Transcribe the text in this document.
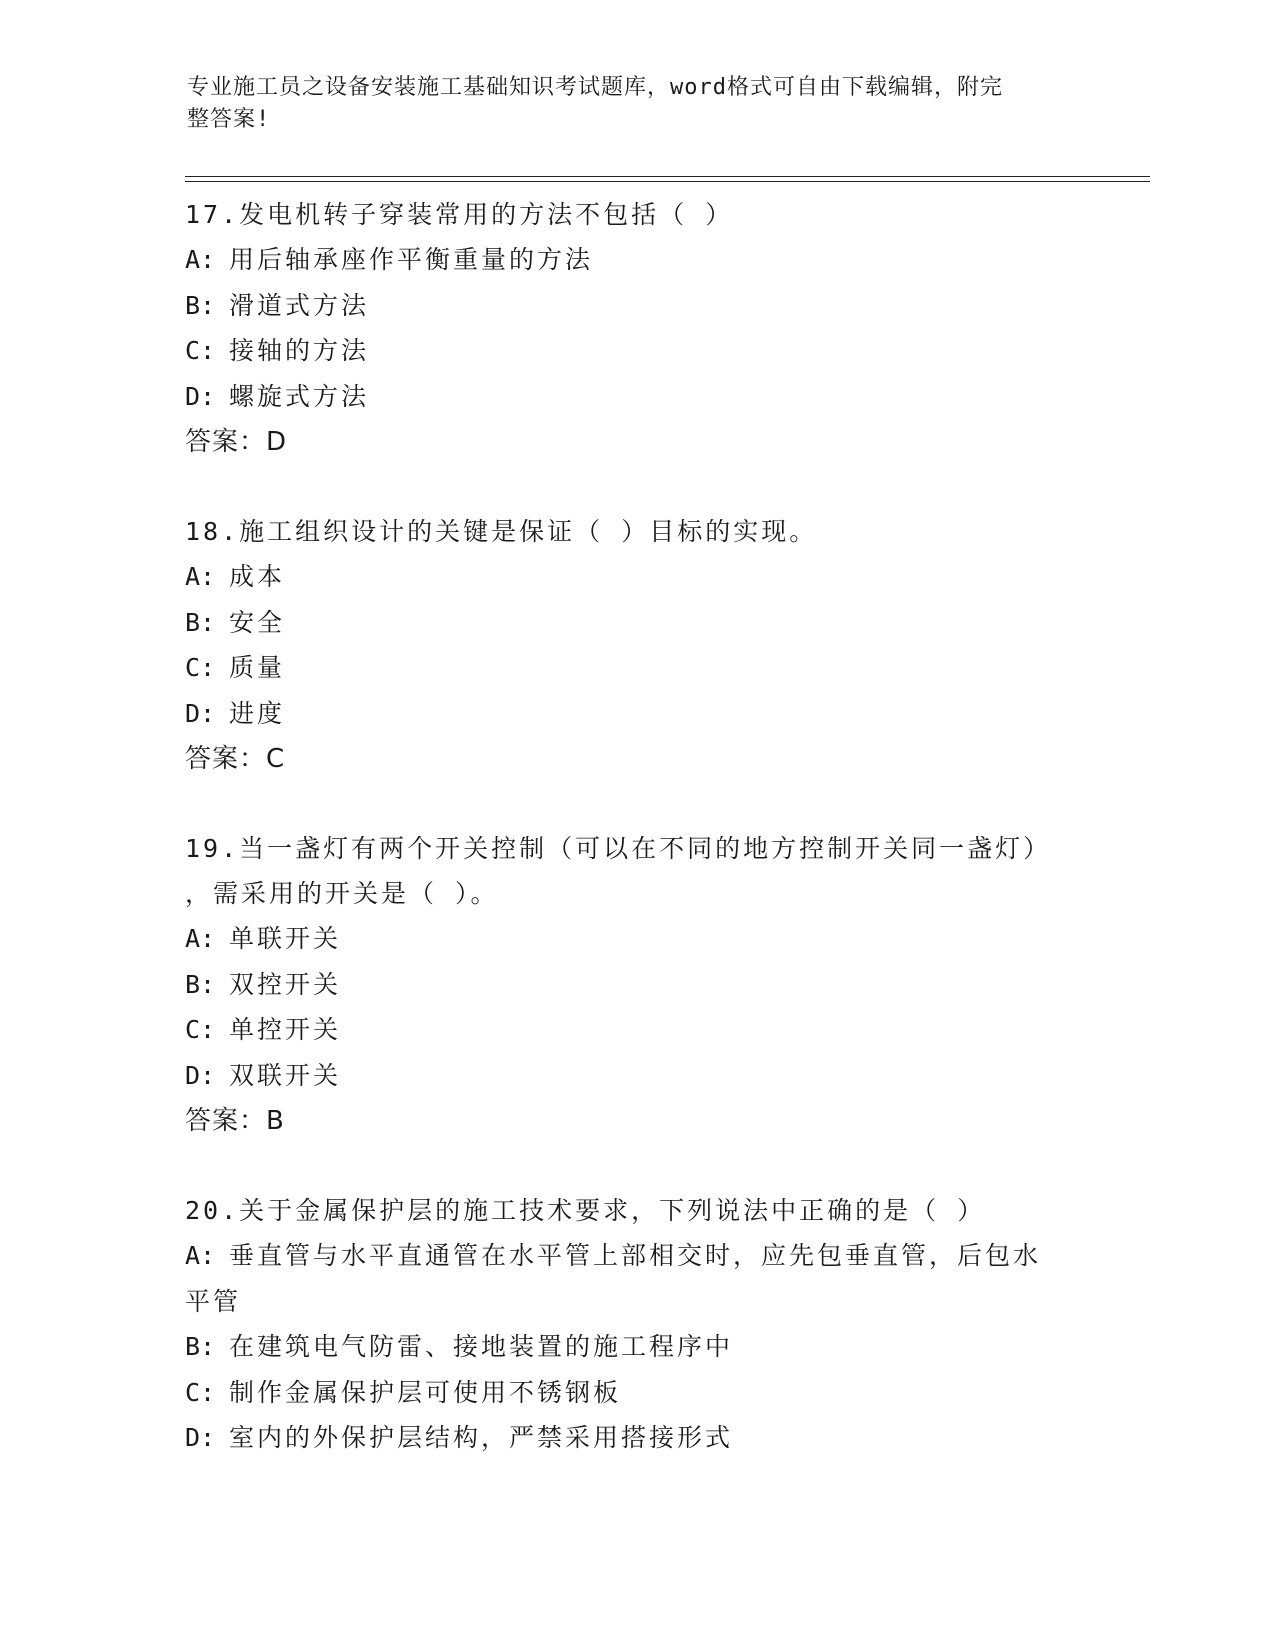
专业施工员之设备安装施工基础知识考试题库，word格式可自由下载编辑，附完
整答案!

17.发电机转子穿装常用的方法不包括（ ）

A: 用后轴承座作平衡重量的方法

B: 滑道式方法

C: 接轴的方法

D: 螺旋式方法

答案：D

18.施工组织设计的关键是保证（ ）目标的实现。

A: 成本

B: 安全

C: 质量

D: 进度

答案：C

19.当一盏灯有两个开关控制（可以在不同的地方控制开关同一盏灯）

，需采用的开关是（ ）。

A: 单联开关

B: 双控开关

C: 单控开关

D: 双联开关

答案：B

20.关于金属保护层的施工技术要求，下列说法中正确的是（ ）

A: 垂直管与水平直通管在水平管上部相交时，应先包垂直管，后包水

平管

B: 在建筑电气防雷、接地装置的施工程序中

C: 制作金属保护层可使用不锈钢板

D: 室内的外保护层结构，严禁采用搭接形式
